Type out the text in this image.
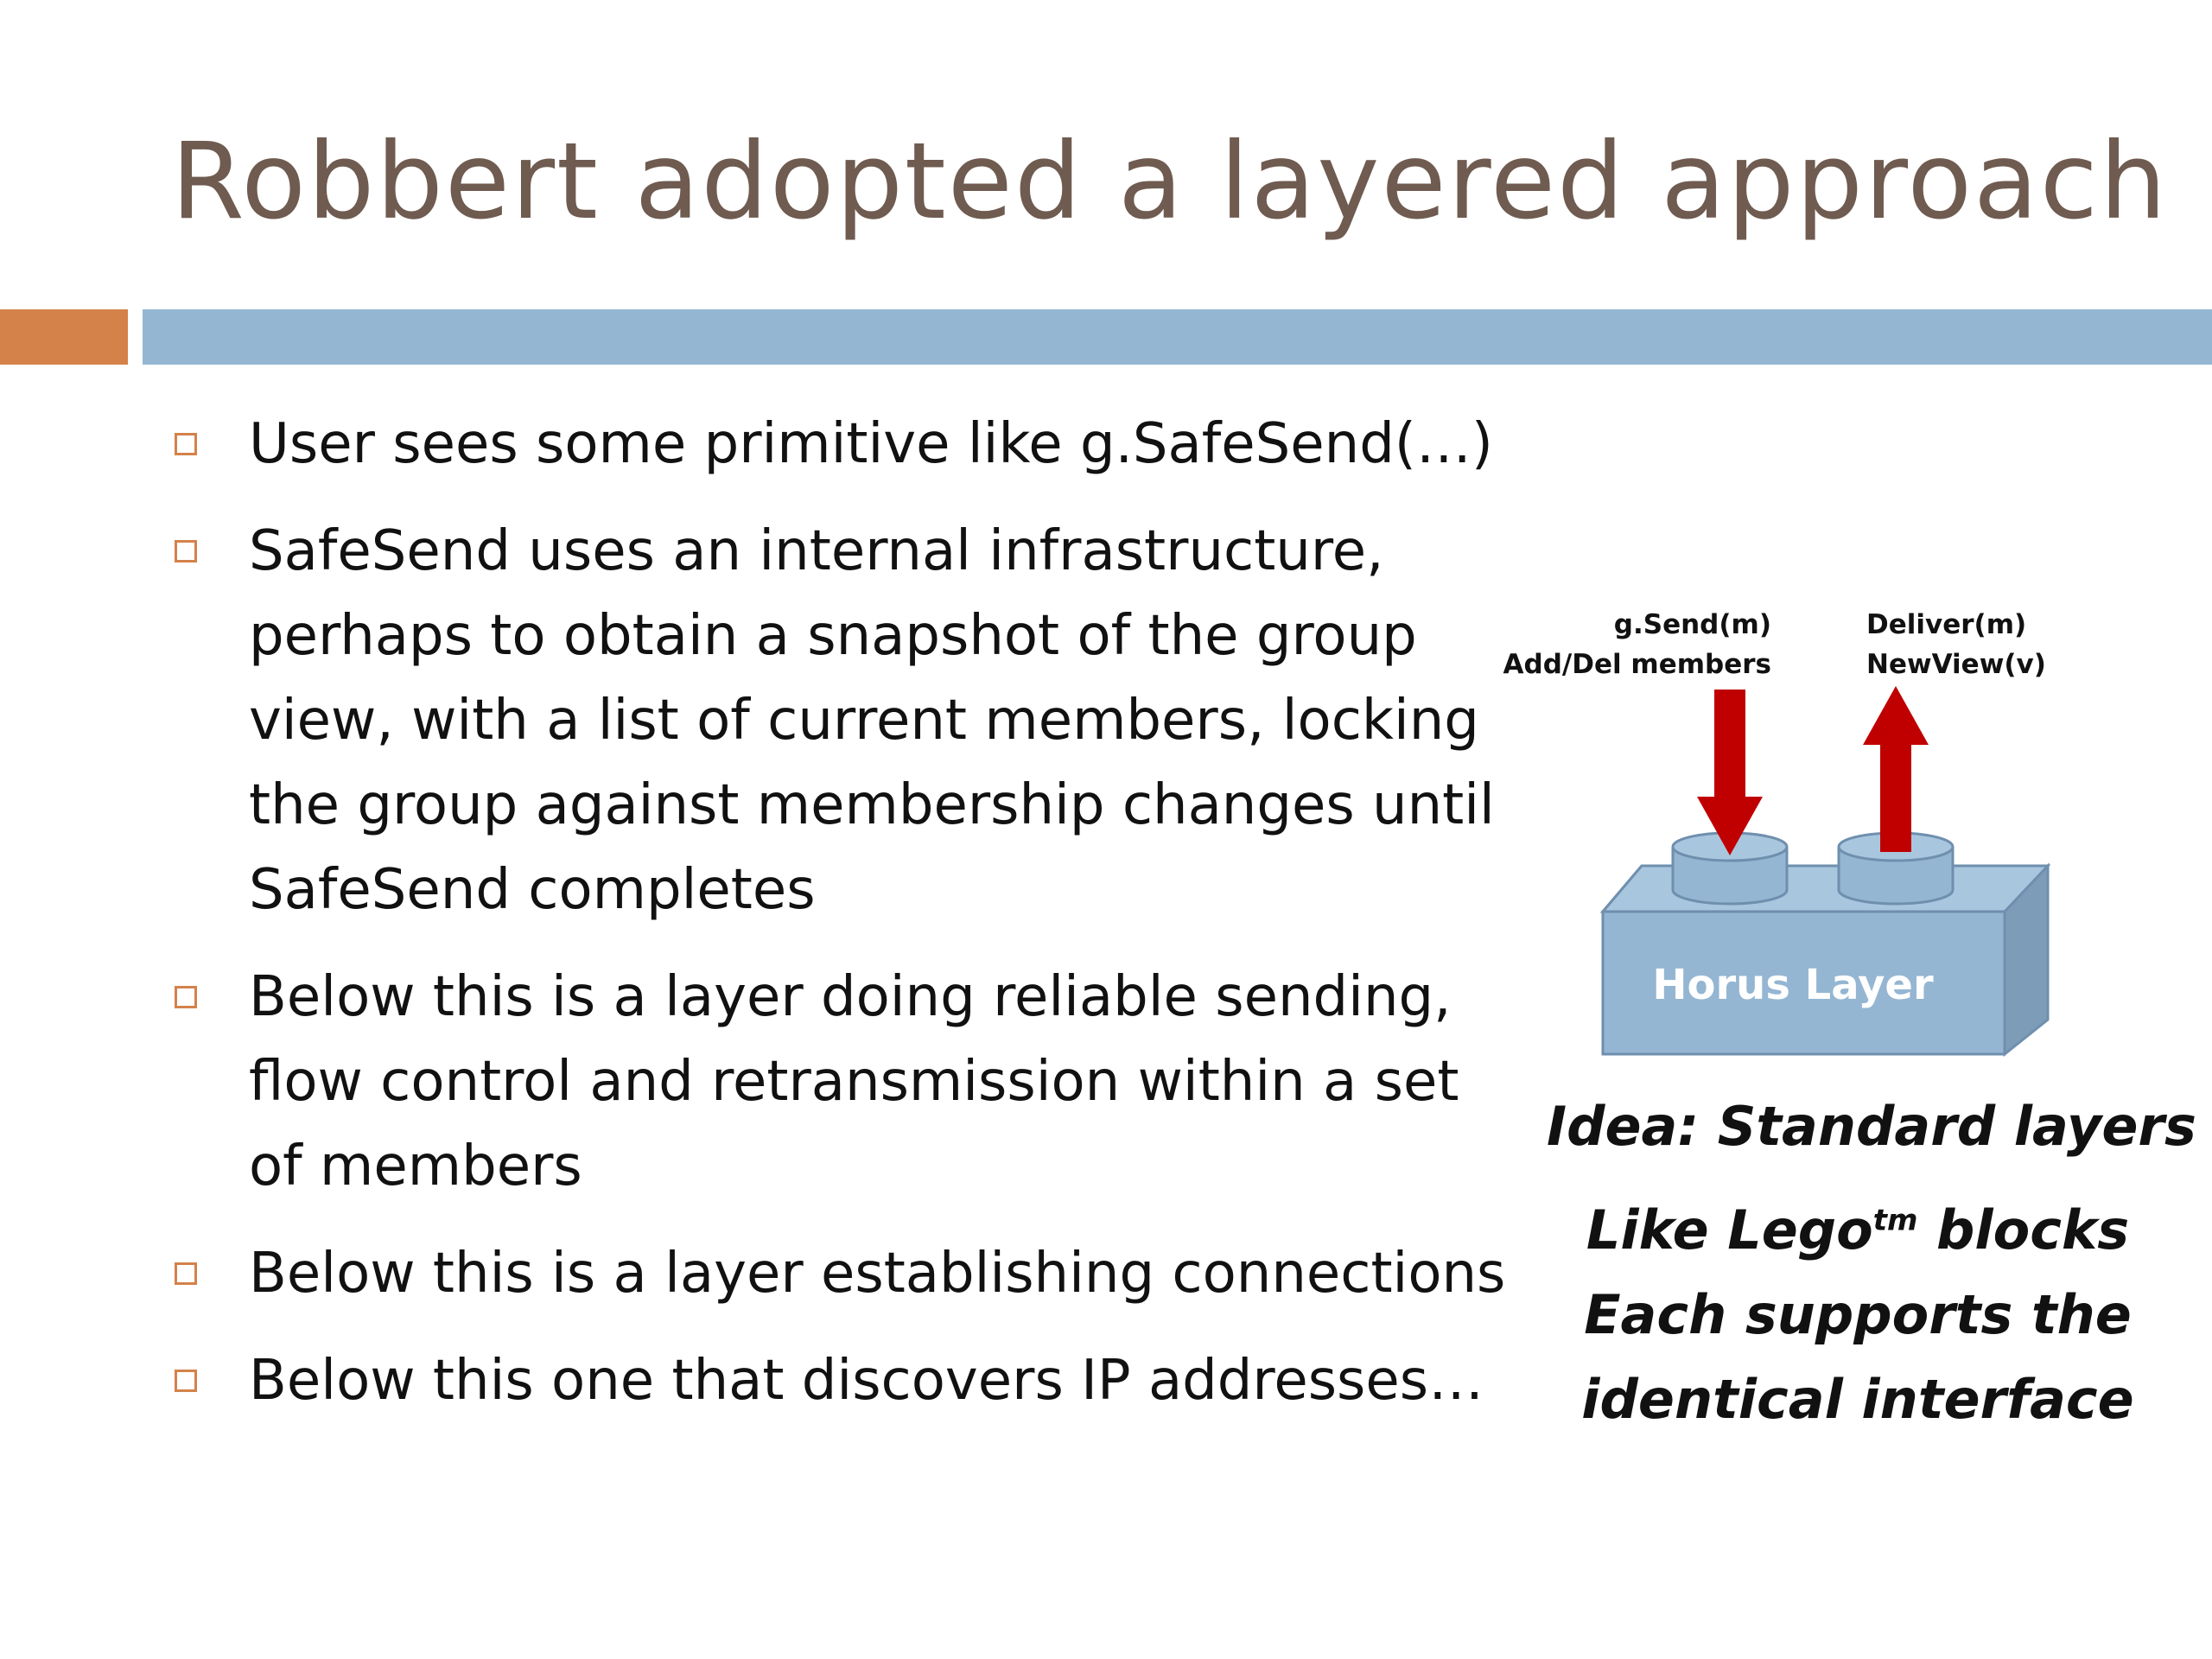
Robbert adopted a layered approach
User sees some primitive like g.SafeSend(…)
SafeSend uses an internal infrastructure, perhaps to obtain a snapshot of the group view, with a list of current members, locking the group against membership changes until SafeSend completes
Below this is a layer doing reliable sending, flow control and retransmission within a set of members
Below this is a layer establishing connections
Below this one that discovers IP addresses…
g.Send(m)
Add/Del members
Deliver(m)
NewView(v)
Horus Layer
Idea: Standard layers
Like Lego$^{tm}$ blocks
Each supports the
identical interface
